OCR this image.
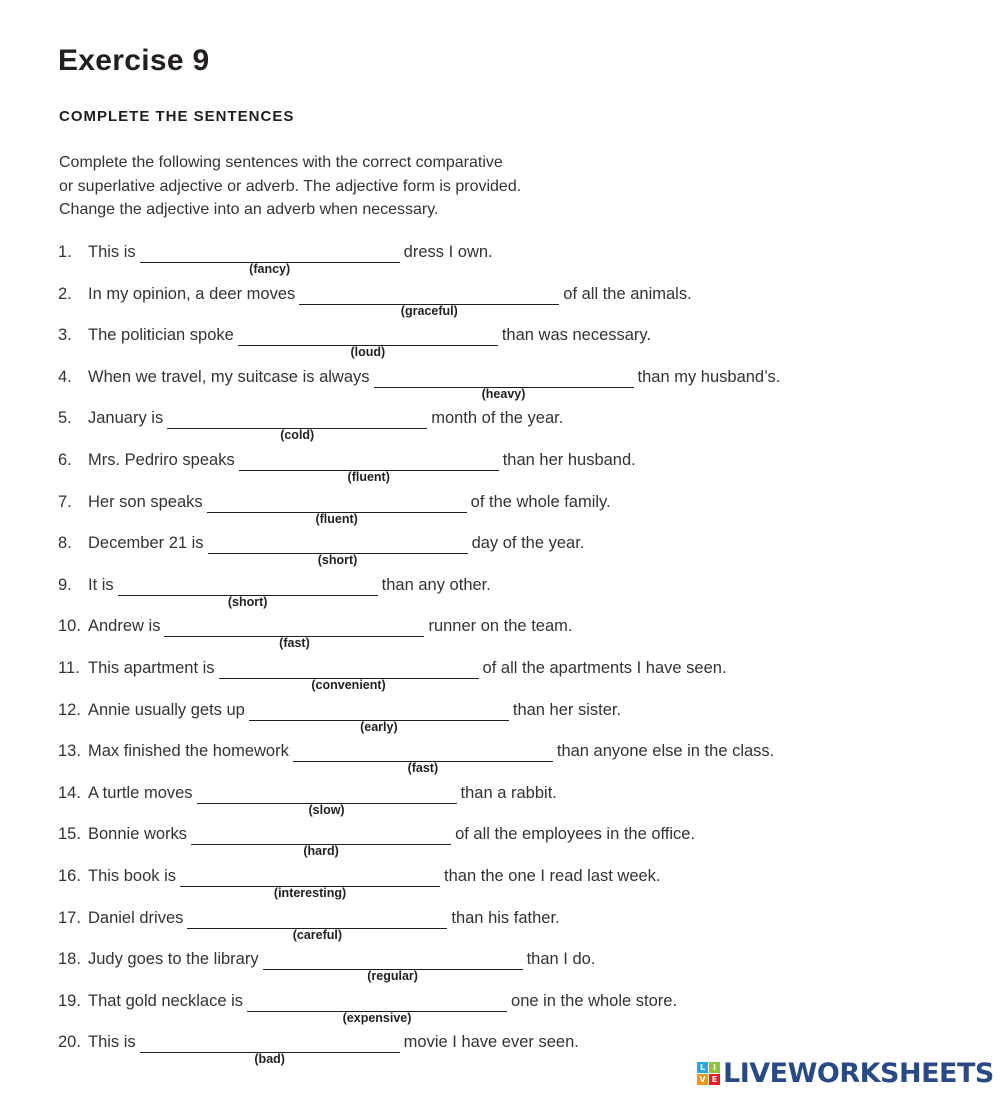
Exercise 9
COMPLETE THE SENTENCES

Complete the following sentences with the correct comparative
or superlative adjective or adverb. The adjective form is provided.
Change the adjective into an adverb when necessary.

1. This is
(fancy)
dress I own.
2. In my opinion, a deer moves
(graceful)
of all the animals.
3. The politician spoke
(loud)
than was necessary.
4. When we travel, my suitcase is always
(heavy)
than my husband’s.
5. January is
(cold)
month of the year.
6. Mrs. Pedriro speaks
(fluent)
than her husband.
7. Her son speaks
(fluent)
of the whole family.
8. December 21 is
(short)
day of the year.
9. It is
(short)
than any other.
10. Andrew is
(fast)
runner on the team.
11. This apartment is
(convenient)
of all the apartments I have seen.
12. Annie usually gets up
(early)
than her sister.
13. Max finished the homework
(fast)
than anyone else in the class.
14. A turtle moves
(slow)
than a rabbit.
15. Bonnie works
(hard)
of all the employees in the office.
16. This book is
(interesting)
than the one I read last week.
17. Daniel drives
(careful)
than his father.
18. Judy goes to the library
(regular)
than I do.
19. That gold necklace is
(expensive)
one in the whole store.
20. This is
(bad)
movie I have ever seen.
L I
V E LIVEWORKSHEETS
